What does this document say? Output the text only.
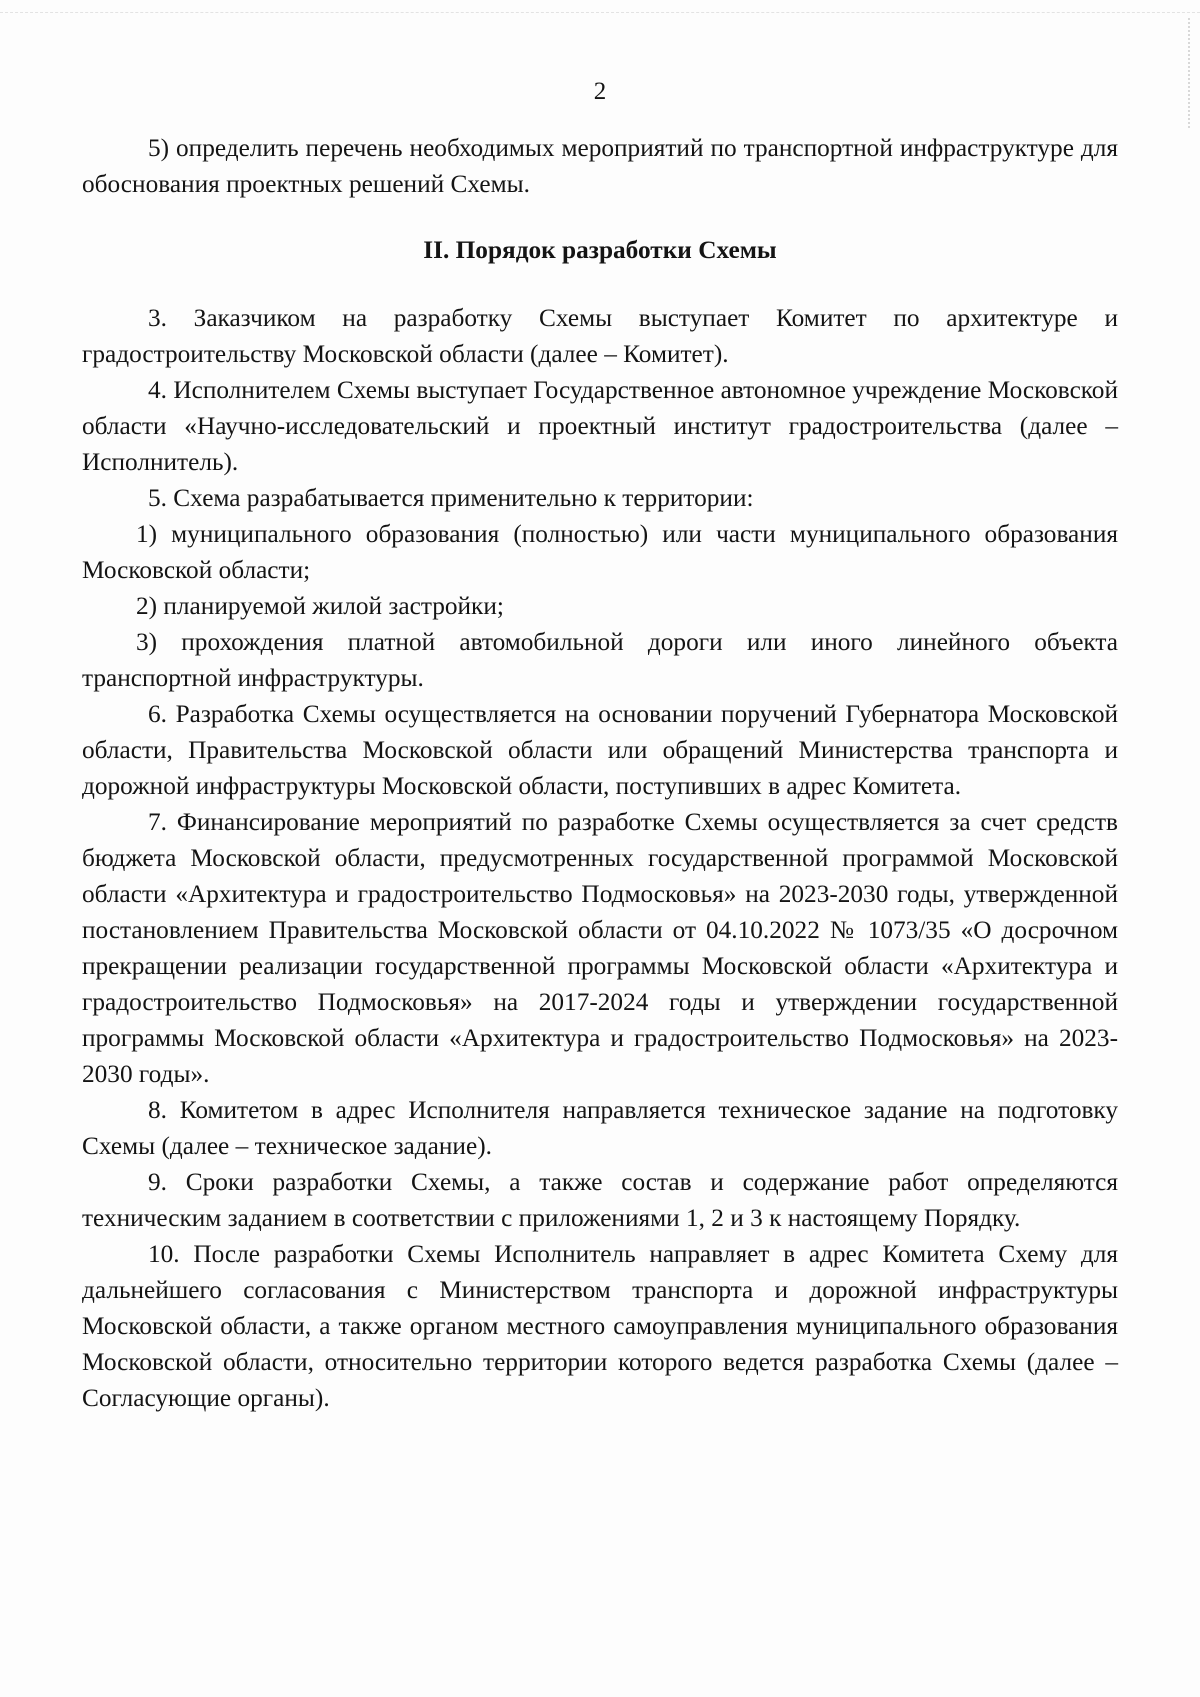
2

5) определить перечень необходимых мероприятий по транспортной инфраструктуре для обоснования проектных решений Схемы.

II. Порядок разработки Схемы

3. Заказчиком на разработку Схемы выступает Комитет по архитектуре и градостроительству Московской области (далее – Комитет).

4. Исполнителем Схемы выступает Государственное автономное учреждение Московской области «Научно-исследовательский и проектный институт градостроительства (далее – Исполнитель).

5. Схема разрабатывается применительно к территории:

1) муниципального образования (полностью) или части муниципального образования Московской области;

2) планируемой жилой застройки;

3) прохождения платной автомобильной дороги или иного линейного объекта транспортной инфраструктуры.

6. Разработка Схемы осуществляется на основании поручений Губернатора Московской области, Правительства Московской области или обращений Министерства транспорта и дорожной инфраструктуры Московской области, поступивших в адрес Комитета.

7. Финансирование мероприятий по разработке Схемы осуществляется за счет средств бюджета Московской области, предусмотренных государственной программой Московской области «Архитектура и градостроительство Подмосковья» на 2023-2030 годы, утвержденной постановлением Правительства Московской области от 04.10.2022 № 1073/35 «О досрочном прекращении реализации государственной программы Московской области «Архитектура и градостроительство Подмосковья» на 2017-2024 годы и утверждении государственной программы Московской области «Архитектура и градостроительство Подмосковья» на 2023-2030 годы».

8. Комитетом в адрес Исполнителя направляется техническое задание на подготовку Схемы (далее – техническое задание).

9. Сроки разработки Схемы, а также состав и содержание работ определяются техническим заданием в соответствии с приложениями 1, 2 и 3 к настоящему Порядку.

10. После разработки Схемы Исполнитель направляет в адрес Комитета Схему для дальнейшего согласования с Министерством транспорта и дорожной инфраструктуры Московской области, а также органом местного самоуправления муниципального образования Московской области, относительно территории которого ведется разработка Схемы (далее – Согласующие органы).
